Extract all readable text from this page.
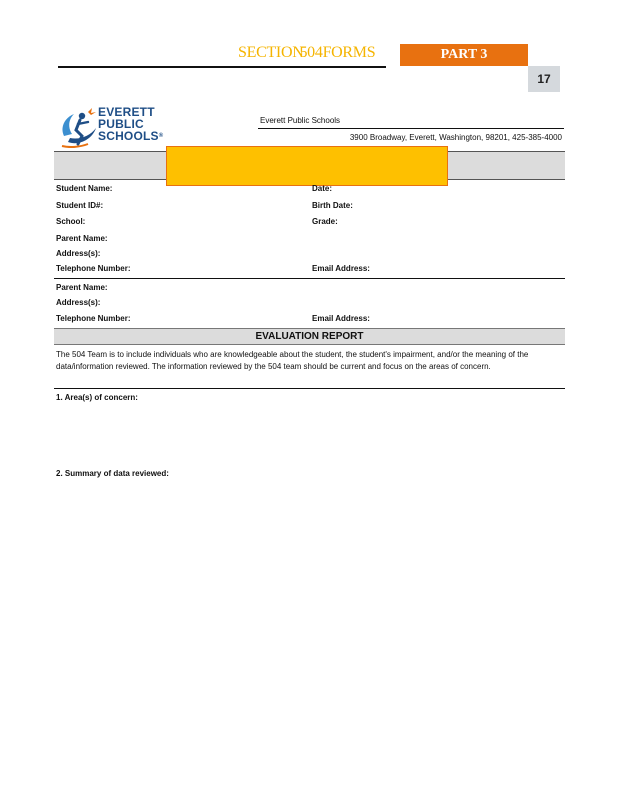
SECTION504FORMS	PART 3
17
EVERETT
PUBLIC
SCHOOLS®
Everett Public Schools
3900 Broadway, Everett, Washington, 98201, 425-385-4000
Student Name:	Date:
Student ID#:	Birth Date:
School:	Grade:
Parent Name:
Address(s):
Telephone Number:	Email Address:
Parent Name:
Address(s):
Telephone Number:	Email Address:
EVALUATION REPORT
The 504 Team is to include individuals who are knowledgeable about the student, the student's impairment, and/or the meaning of the data/information reviewed. The information reviewed by the 504 team should be current and focus on the areas of concern.
1. Area(s) of concern:
2. Summary of data reviewed:
